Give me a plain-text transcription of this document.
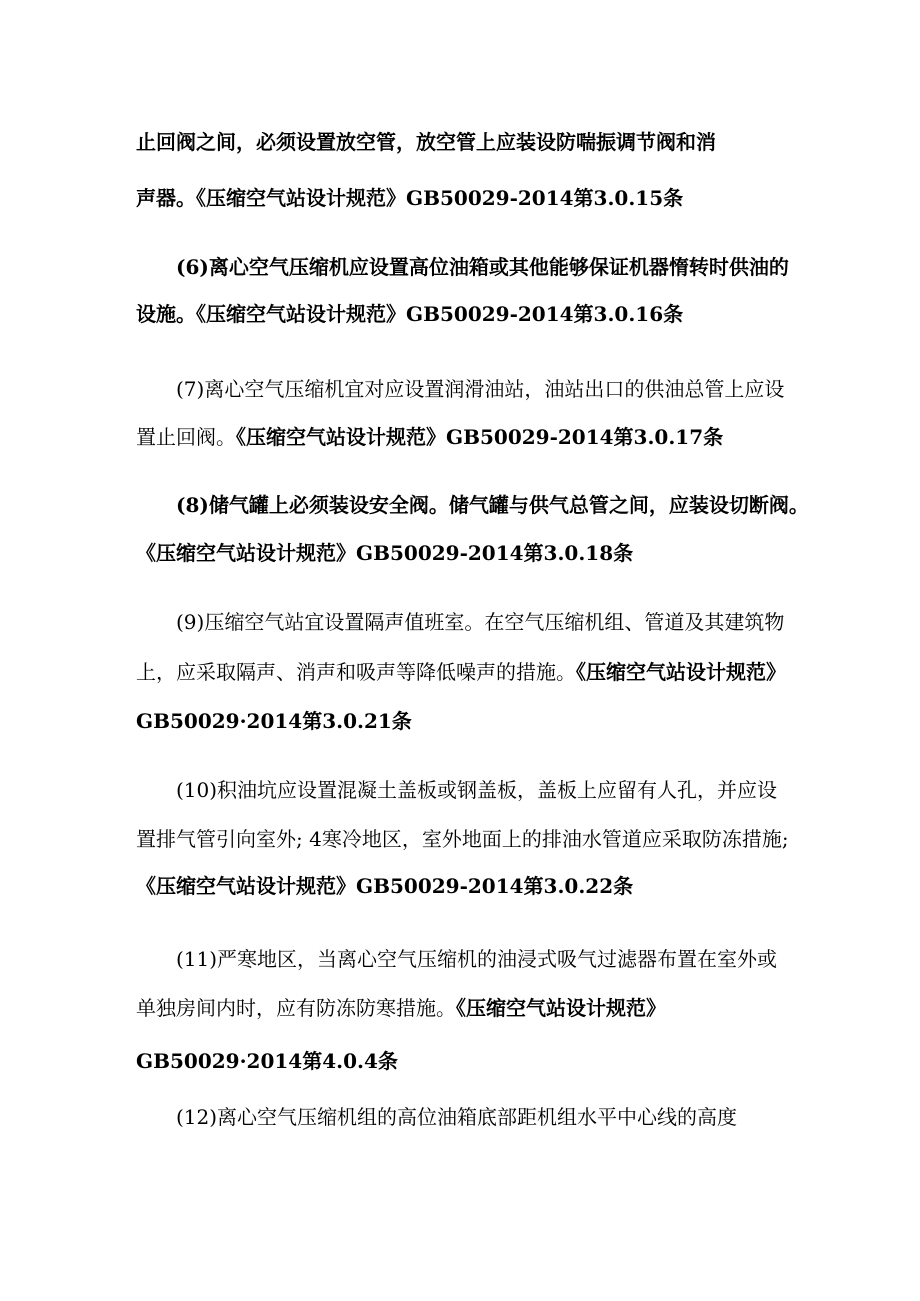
止回阀之间，必须设置放空管，放空管上应装设防喘振调节阀和消
声器。《压缩空气站设计规范》GB50029-2014第3.0.15条
(6)离心空气压缩机应设置高位油箱或其他能够保证机器惰转时供油的
设施。《压缩空气站设计规范》GB50029-2014第3.0.16条
(7)离心空气压缩机宜对应设置润滑油站，油站出口的供油总管上应设
置止回阀。《压缩空气站设计规范》GB50029-2014第3.0.17条
(8)储气罐上必须装设安全阀。储气罐与供气总管之间，应装设切断阀。
《压缩空气站设计规范》GB50029-2014第3.0.18条
(9)压缩空气站宜设置隔声值班室。在空气压缩机组、管道及其建筑物
上，应采取隔声、消声和吸声等降低噪声的措施。《压缩空气站设计规范》
GB50029·2014第3.0.21条
(10)积油坑应设置混凝土盖板或钢盖板，盖板上应留有人孔，并应设
置排气管引向室外; 4寒冷地区，室外地面上的排油水管道应采取防冻措施;
《压缩空气站设计规范》GB50029-2014第3.0.22条
(11)严寒地区，当离心空气压缩机的油浸式吸气过滤器布置在室外或
单独房间内时，应有防冻防寒措施。《压缩空气站设计规范》
GB50029·2014第4.0.4条
(12)离心空气压缩机组的高位油箱底部距机组水平中心线的高度
